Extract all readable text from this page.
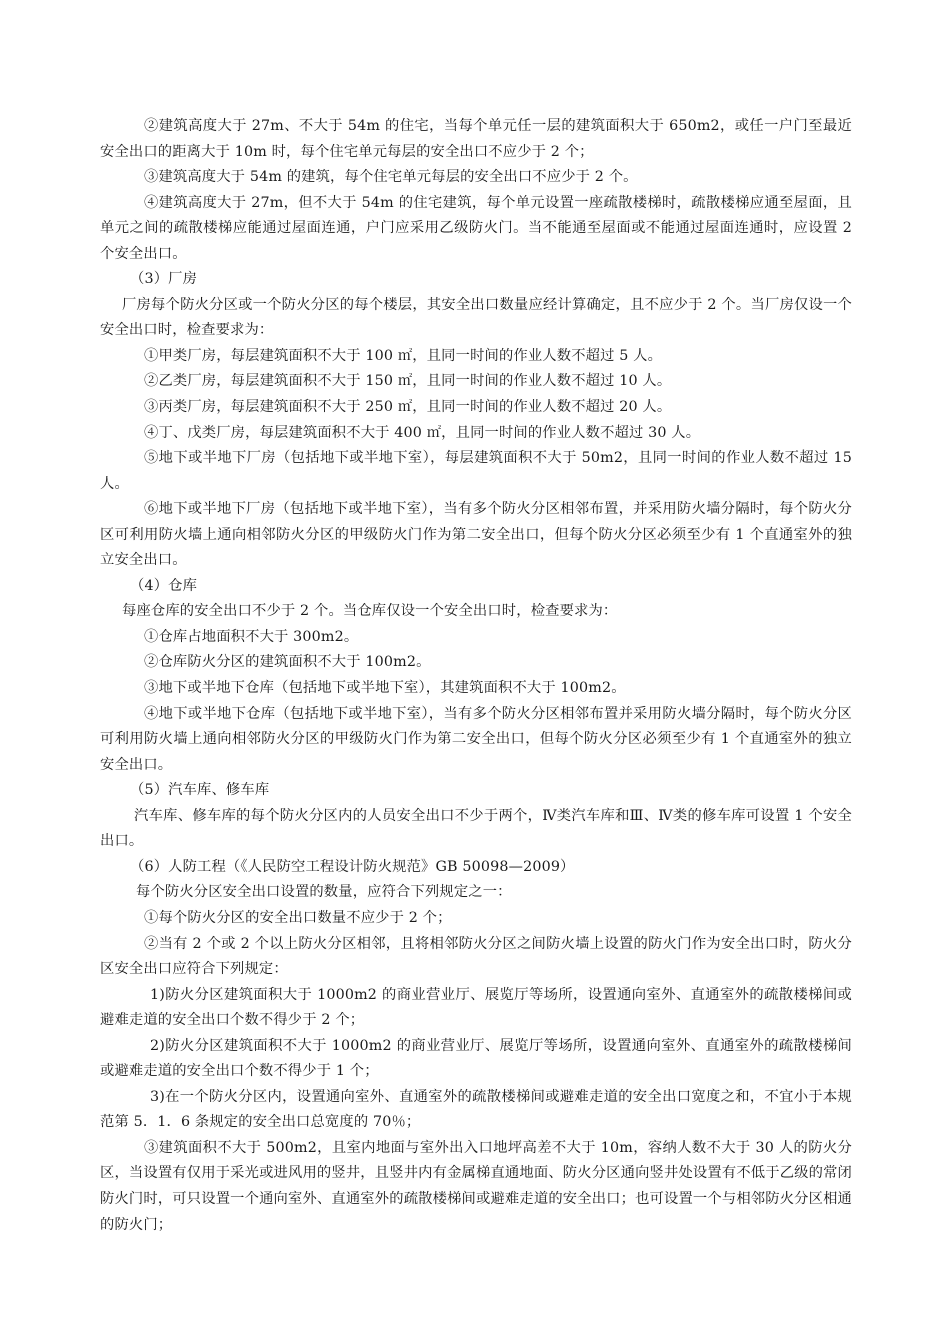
②建筑高度大于 27m、不大于 54m 的住宅，当每个单元任一层的建筑面积大于 650m2，或任一户门至最近安全出口的距离大于 10m 时，每个住宅单元每层的安全出口不应少于 2 个；

③建筑高度大于 54m 的建筑，每个住宅单元每层的安全出口不应少于 2 个。

④建筑高度大于 27m，但不大于 54m 的住宅建筑，每个单元设置一座疏散楼梯时，疏散楼梯应通至屋面，且单元之间的疏散楼梯应能通过屋面连通，户门应采用乙级防火门。当不能通至屋面或不能通过屋面连通时，应设置 2 个安全出口。

（3）厂房

厂房每个防火分区或一个防火分区的每个楼层，其安全出口数量应经计算确定，且不应少于 2 个。当厂房仅设一个安全出口时，检查要求为：

①甲类厂房，每层建筑面积不大于 100 ㎡，且同一时间的作业人数不超过 5 人。

②乙类厂房，每层建筑面积不大于 150 ㎡，且同一时间的作业人数不超过 10 人。

③丙类厂房，每层建筑面积不大于 250 ㎡，且同一时间的作业人数不超过 20 人。

④丁、戊类厂房，每层建筑面积不大于 400 ㎡，且同一时间的作业人数不超过 30 人。

⑤地下或半地下厂房（包括地下或半地下室），每层建筑面积不大于 50m2，且同一时间的作业人数不超过 15 人。

⑥地下或半地下厂房（包括地下或半地下室），当有多个防火分区相邻布置，并采用防火墙分隔时，每个防火分区可利用防火墙上通向相邻防火分区的甲级防火门作为第二安全出口，但每个防火分区必须至少有 1 个直通室外的独立安全出口。

（4）仓库

每座仓库的安全出口不少于 2 个。当仓库仅设一个安全出口时，检查要求为：

①仓库占地面积不大于 300m2。

②仓库防火分区的建筑面积不大于 100m2。

③地下或半地下仓库（包括地下或半地下室），其建筑面积不大于 100m2。

④地下或半地下仓库（包括地下或半地下室），当有多个防火分区相邻布置并采用防火墙分隔时，每个防火分区可利用防火墙上通向相邻防火分区的甲级防火门作为第二安全出口，但每个防火分区必须至少有 1 个直通室外的独立安全出口。

（5）汽车库、修车库

汽车库、修车库的每个防火分区内的人员安全出口不少于两个，Ⅳ类汽车库和Ⅲ、Ⅳ类的修车库可设置 1 个安全出口。

（6）人防工程（《人民防空工程设计防火规范》GB 50098—2009）

每个防火分区安全出口设置的数量，应符合下列规定之一：

①每个防火分区的安全出口数量不应少于 2 个；

②当有 2 个或 2 个以上防火分区相邻，且将相邻防火分区之间防火墙上设置的防火门作为安全出口时，防火分区安全出口应符合下列规定：

1)防火分区建筑面积大于 1000m2 的商业营业厅、展览厅等场所，设置通向室外、直通室外的疏散楼梯间或避难走道的安全出口个数不得少于 2 个；

2)防火分区建筑面积不大于 1000m2 的商业营业厅、展览厅等场所，设置通向室外、直通室外的疏散楼梯间或避难走道的安全出口个数不得少于 1 个；

3)在一个防火分区内，设置通向室外、直通室外的疏散楼梯间或避难走道的安全出口宽度之和，不宜小于本规范第 5．1．6 条规定的安全出口总宽度的 70％；

③建筑面积不大于 500m2，且室内地面与室外出入口地坪高差不大于 10m，容纳人数不大于 30 人的防火分区，当设置有仅用于采光或进风用的竖井，且竖井内有金属梯直通地面、防火分区通向竖井处设置有不低于乙级的常闭防火门时，可只设置一个通向室外、直通室外的疏散楼梯间或避难走道的安全出口；也可设置一个与相邻防火分区相通的防火门；
